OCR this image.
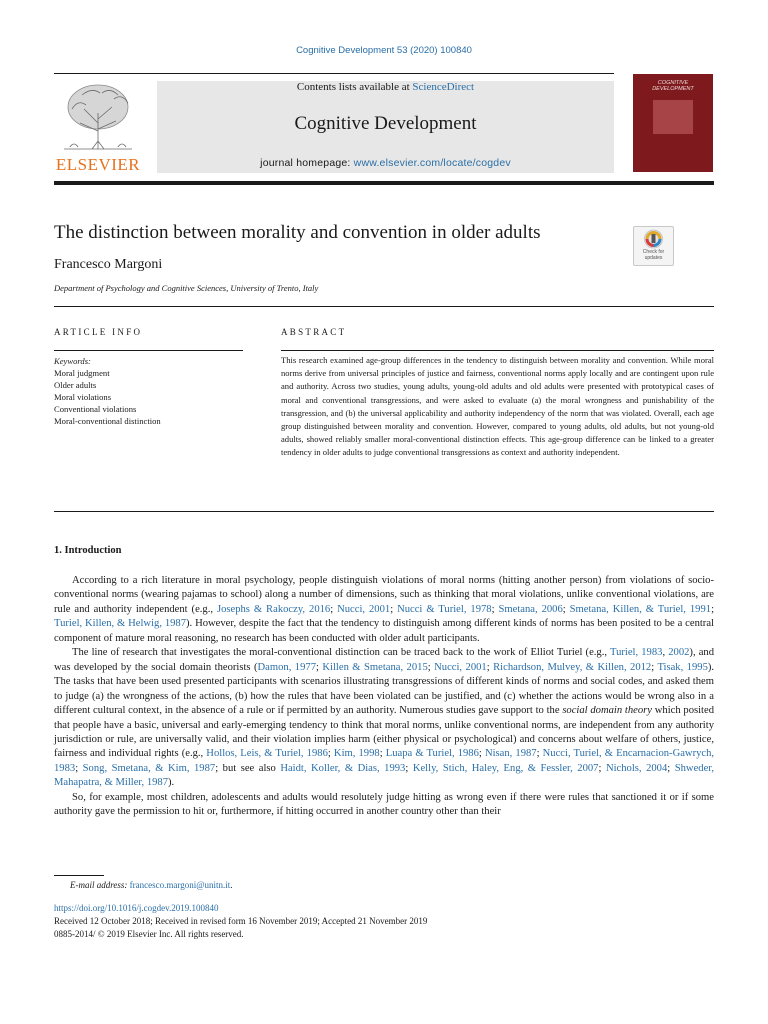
Cognitive Development 53 (2020) 100840
ELSEVIER
Contents lists available at ScienceDirect
Cognitive Development
journal homepage: www.elsevier.com/locate/cogdev
COGNITIVE DEVELOPMENT
The distinction between morality and convention in older adults
Check for updates
Francesco Margoni
Department of Psychology and Cognitive Sciences, University of Trento, Italy
ARTICLE INFO	ABSTRACT
Keywords:
Moral judgment
Older adults
Moral violations
Conventional violations
Moral-conventional distinction
This research examined age-group differences in the tendency to distinguish between morality and convention. While moral norms derive from universal principles of justice and fairness, conventional norms apply locally and are contingent upon rule and authority. Across two studies, young adults, young-old adults and old adults were presented with prototypical cases of moral and conventional transgressions, and were asked to evaluate (a) the moral wrongness and punishability of the transgression, and (b) the universal applicability and authority independency of the norm that was violated. Overall, each age group distinguished between morality and convention. However, compared to young adults, old adults, but not young-old adults, showed reliably smaller moral-conventional distinction effects. This age-group difference can be linked to a greater tendency in older adults to judge conventional transgressions as context and authority independent.
1. Introduction

According to a rich literature in moral psychology, people distinguish violations of moral norms (hitting another person) from violations of socio-conventional norms (wearing pajamas to school) along a number of dimensions, such as thinking that moral violations, unlike conventional violations, are rule and authority independent (e.g., Josephs & Rakoczy, 2016; Nucci, 2001; Nucci & Turiel, 1978; Smetana, 2006; Smetana, Killen, & Turiel, 1991; Turiel, Killen, & Helwig, 1987). However, despite the fact that the tendency to distinguish among different kinds of norms has been posited to be a central component of mature moral reasoning, no research has been conducted with older adult participants.

The line of research that investigates the moral-conventional distinction can be traced back to the work of Elliot Turiel (e.g., Turiel, 1983, 2002), and was developed by the social domain theorists (Damon, 1977; Killen & Smetana, 2015; Nucci, 2001; Richardson, Mulvey, & Killen, 2012; Tisak, 1995). The tasks that have been used presented participants with scenarios illustrating transgressions of different kinds of norms and social codes, and asked them to judge (a) the wrongness of the actions, (b) how the rules that have been violated can be justified, and (c) whether the actions would be wrong also in a different cultural context, in the absence of a rule or if permitted by an authority. Numerous studies gave support to the social domain theory which posited that people have a basic, universal and early-emerging tendency to think that moral norms, unlike conventional norms, are independent from any authority jurisdiction or rule, are universally valid, and their violation implies harm (either physical or psychological) and concerns about welfare of others, justice, fairness and individual rights (e.g., Hollos, Leis, & Turiel, 1986; Kim, 1998; Luapa & Turiel, 1986; Nisan, 1987; Nucci, Turiel, & Encarnacion-Gawrych, 1983; Song, Smetana, & Kim, 1987; but see also Haidt, Koller, & Dias, 1993; Kelly, Stich, Haley, Eng, & Fessler, 2007; Nichols, 2004; Shweder, Mahapatra, & Miller, 1987).

So, for example, most children, adolescents and adults would resolutely judge hitting as wrong even if there were rules that sanctioned it or if some authority gave the permission to hit or, furthermore, if hitting occurred in another country other than their

E-mail address: francesco.margoni@unitn.it.
https://doi.org/10.1016/j.cogdev.2019.100840
Received 12 October 2018; Received in revised form 16 November 2019; Accepted 21 November 2019
0885-2014/ © 2019 Elsevier Inc. All rights reserved.
